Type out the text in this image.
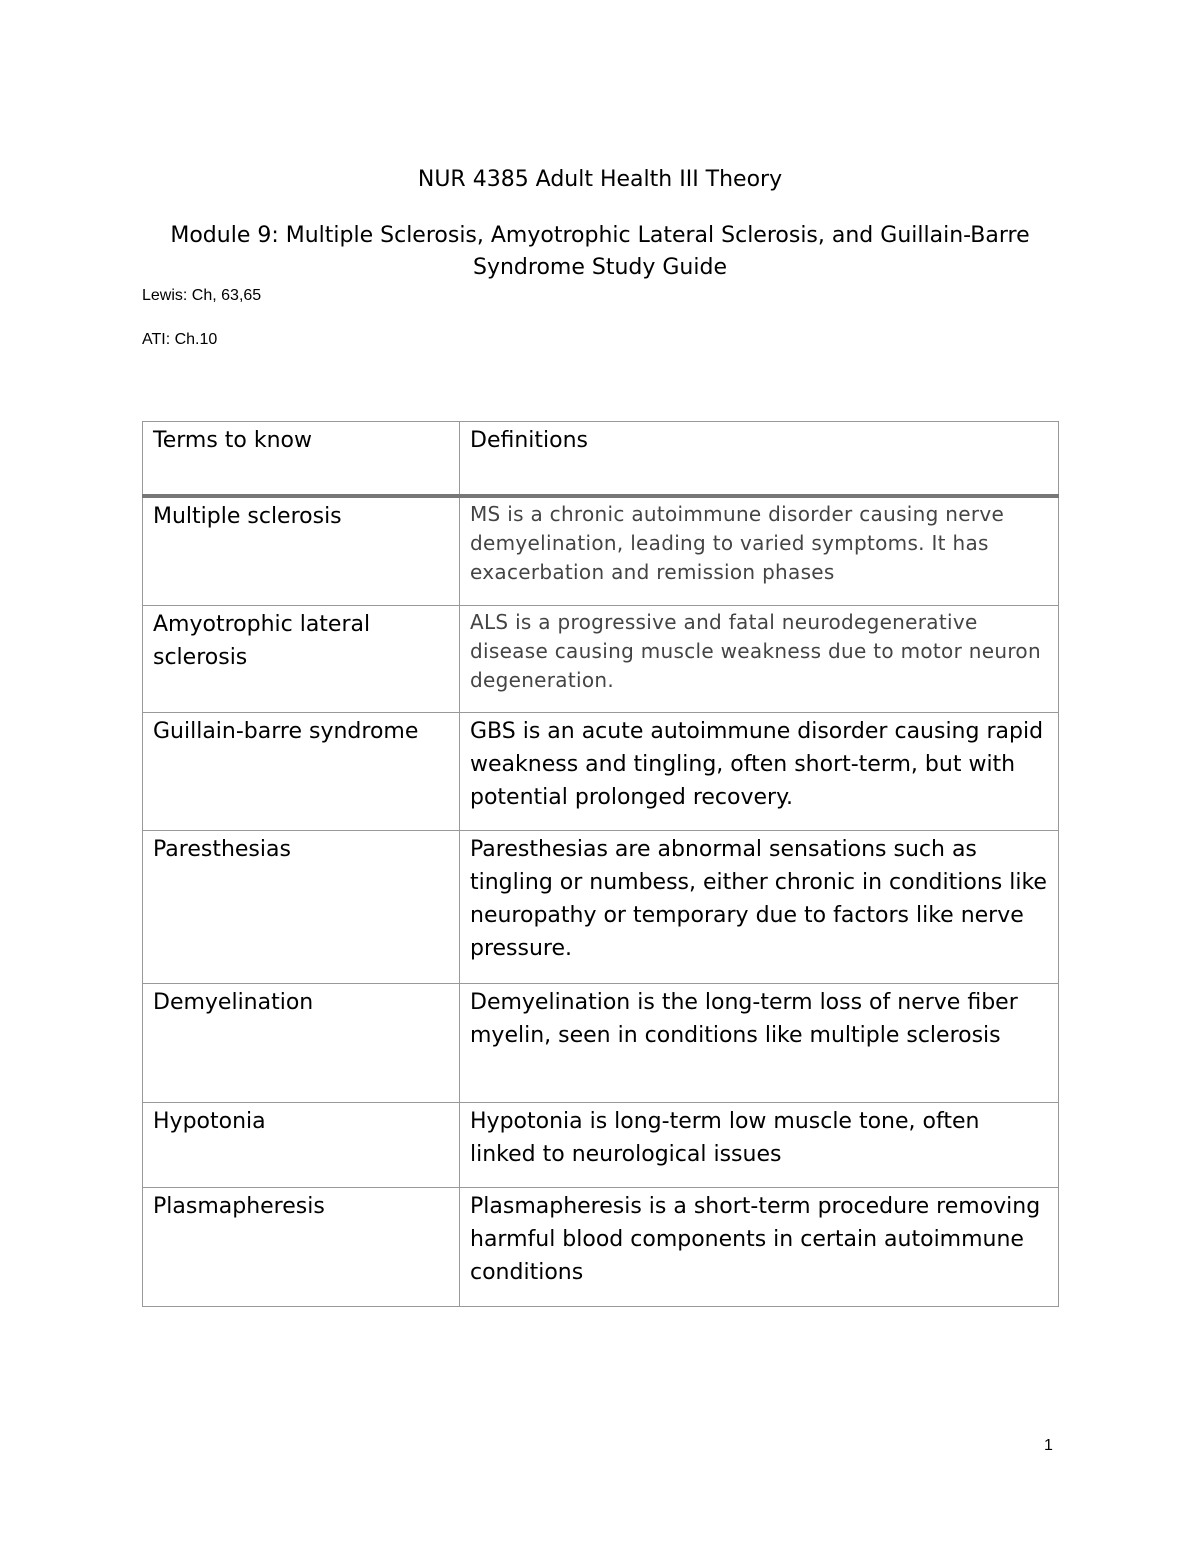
NUR 4385 Adult Health III Theory
Module 9: Multiple Sclerosis, Amyotrophic Lateral Sclerosis, and Guillain-Barre Syndrome Study Guide
Lewis: Ch, 63,65
ATI: Ch.10
Terms to know	Definitions
Multiple sclerosis	MS is a chronic autoimmune disorder causing nerve demyelination, leading to varied symptoms. It has exacerbation and remission phases
Amyotrophic lateral sclerosis	ALS is a progressive and fatal neurodegenerative disease causing muscle weakness due to motor neuron degeneration.
Guillain-barre syndrome	GBS is an acute autoimmune disorder causing rapid weakness and tingling, often short-term, but with potential prolonged recovery.
Paresthesias	Paresthesias are abnormal sensations such as tingling or numbess, either chronic in conditions like neuropathy or temporary due to factors like nerve pressure.
Demyelination	Demyelination is the long-term loss of nerve fiber myelin, seen in conditions like multiple sclerosis
Hypotonia	Hypotonia is long-term low muscle tone, often linked to neurological issues
Plasmapheresis	Plasmapheresis is a short-term procedure removing harmful blood components in certain autoimmune conditions
1
